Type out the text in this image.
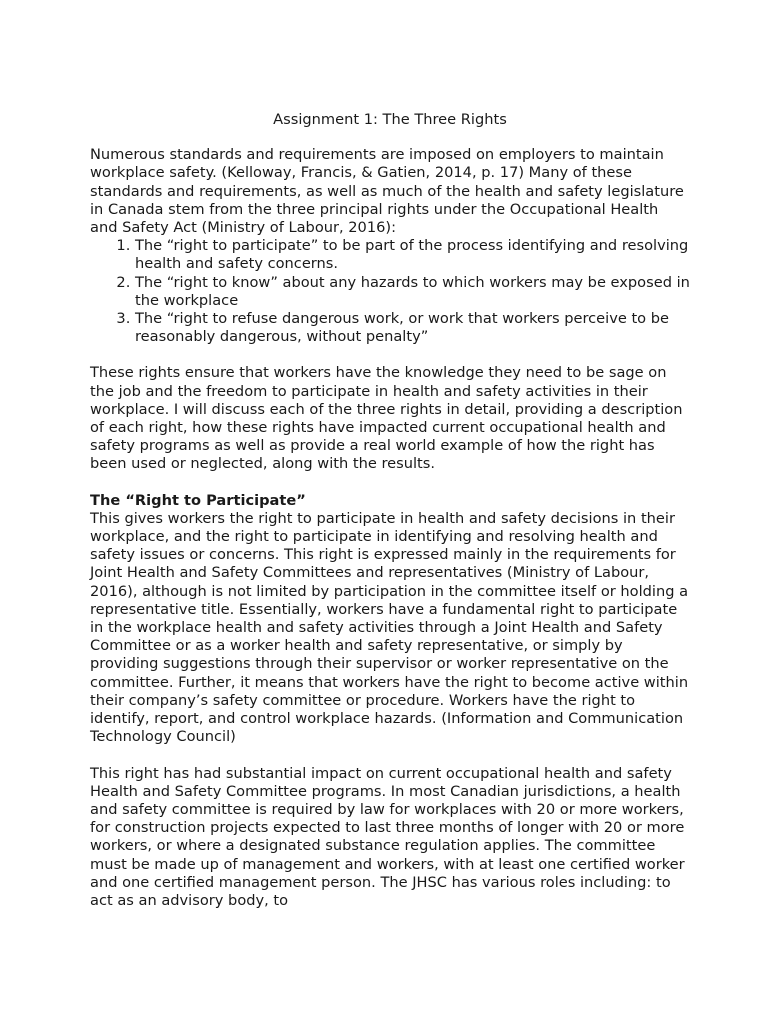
Assignment 1: The Three Rights

Numerous standards and requirements are imposed on employers to maintain workplace safety. (Kelloway, Francis, & Gatien, 2014, p. 17) Many of these standards and requirements, as well as much of the health and safety legislature in Canada stem from the three principal rights under the Occupational Health and Safety Act (Ministry of Labour, 2016):

1. The “right to participate” to be part of the process identifying and resolving health and safety concerns.
2. The “right to know” about any hazards to which workers may be exposed in the workplace
3. The “right to refuse dangerous work, or work that workers perceive to be reasonably dangerous, without penalty”

These rights ensure that workers have the knowledge they need to be sage on the job and the freedom to participate in health and safety activities in their workplace. I will discuss each of the three rights in detail, providing a description of each right, how these rights have impacted current occupational health and safety programs as well as provide a real world example of how the right has been used or neglected, along with the results.

The “Right to Participate”

This gives workers the right to participate in health and safety decisions in their workplace, and the right to participate in identifying and resolving health and safety issues or concerns. This right is expressed mainly in the requirements for Joint Health and Safety Committees and representatives (Ministry of Labour, 2016), although is not limited by participation in the committee itself or holding a representative title. Essentially, workers have a fundamental right to participate in the workplace health and safety activities through a Joint Health and Safety Committee or as a worker health and safety representative, or simply by providing suggestions through their supervisor or worker representative on the committee. Further, it means that workers have the right to become active within their company’s safety committee or procedure. Workers have the right to identify, report, and control workplace hazards. (Information and Communication Technology Council)

This right has had substantial impact on current occupational health and safety Health and Safety Committee programs. In most Canadian jurisdictions, a health and safety committee is required by law for workplaces with 20 or more workers, for construction projects expected to last three months of longer with 20 or more workers, or where a designated substance regulation applies. The committee must be made up of management and workers, with at least one certified worker and one certified management person. The JHSC has various roles including: to act as an advisory body, to
